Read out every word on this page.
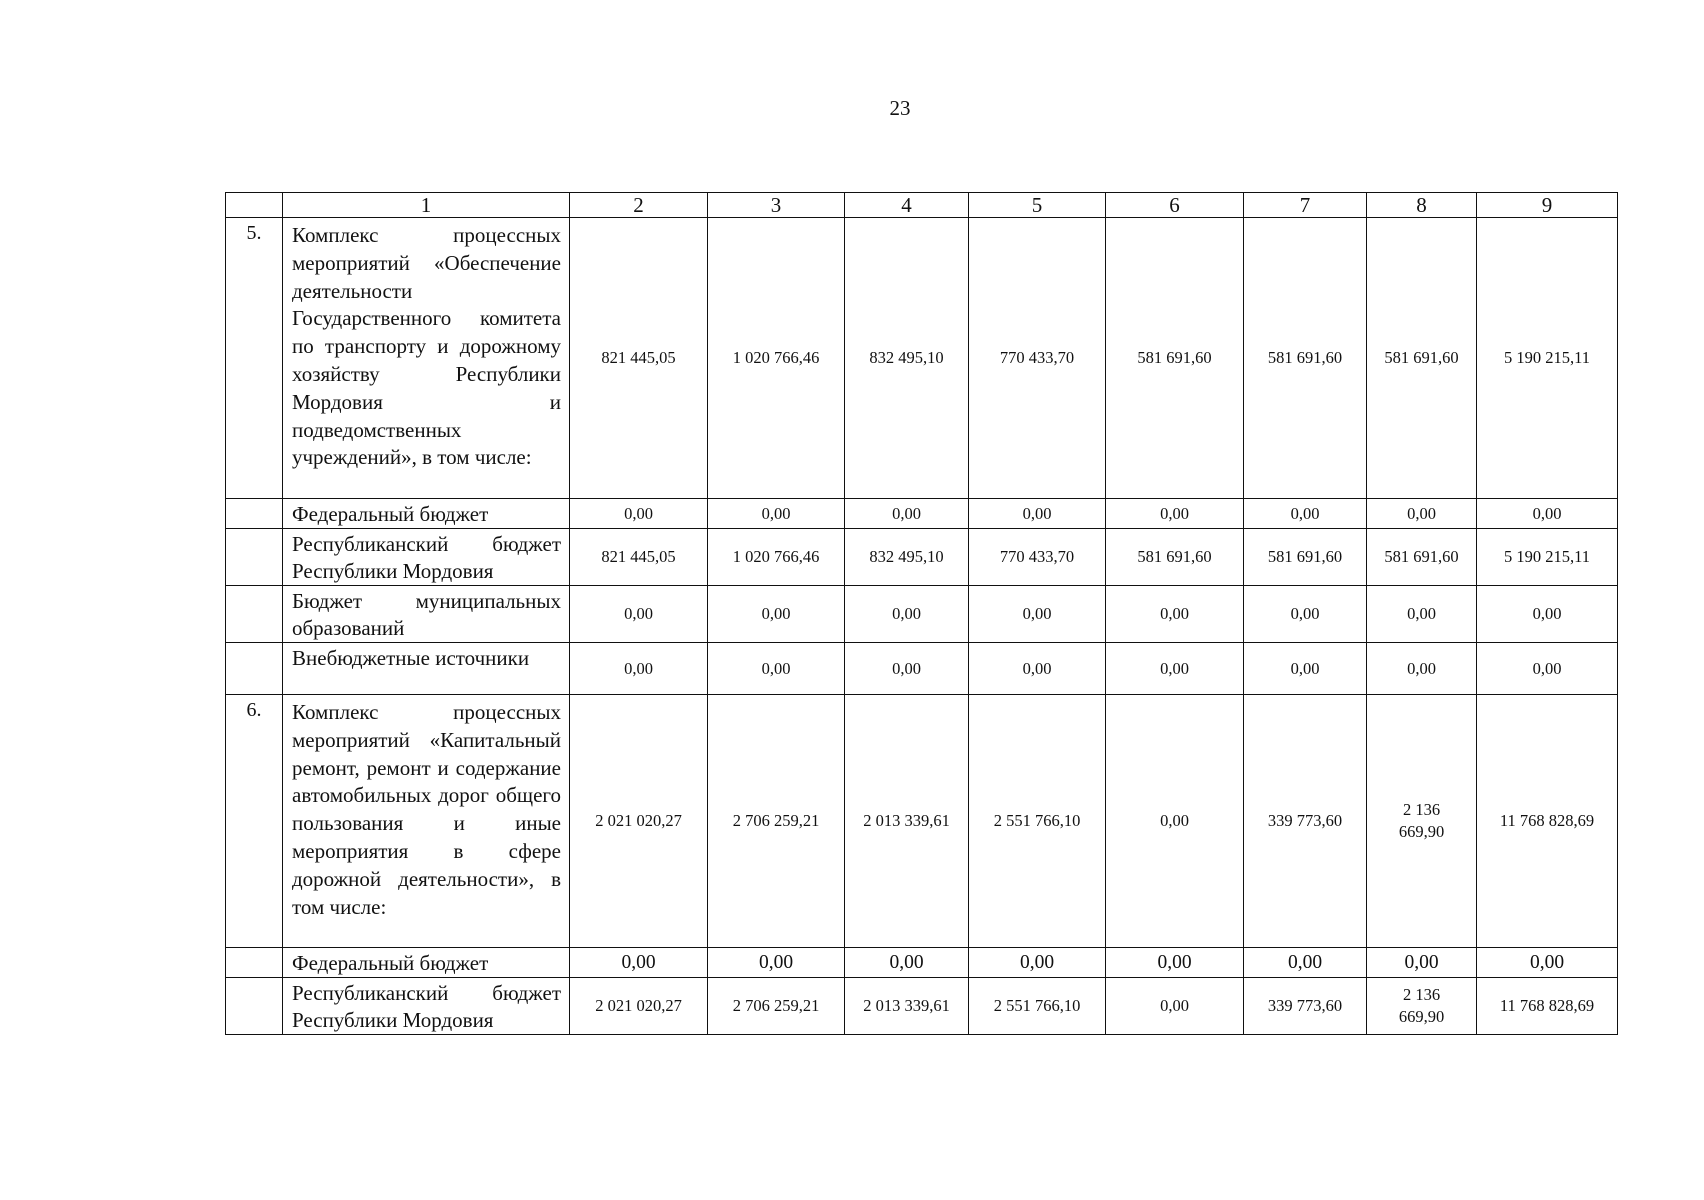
23
	1	2	3	4	5	6	7	8	9
5.	Комплекс процессных мероприятий «Обеспечение деятельности Государственного комитета по транспорту и дорожному хозяйству Республики Мордовия и подведомственных учреждений», в том числе:	821 445,05	1 020 766,46	832 495,10	770 433,70	581 691,60	581 691,60	581 691,60	5 190 215,11
	Федеральный бюджет	0,00	0,00	0,00	0,00	0,00	0,00	0,00	0,00
	Республиканский бюджет Республики Мордовия	821 445,05	1 020 766,46	832 495,10	770 433,70	581 691,60	581 691,60	581 691,60	5 190 215,11
	Бюджет муниципальных образований	0,00	0,00	0,00	0,00	0,00	0,00	0,00	0,00
	Внебюджетные источники	0,00	0,00	0,00	0,00	0,00	0,00	0,00	0,00
6.	Комплекс процессных мероприятий «Капитальный ремонт, ремонт и содержание автомобильных дорог общего пользования и иные мероприятия в сфере дорожной деятельности», в том числе:	2 021 020,27	2 706 259,21	2 013 339,61	2 551 766,10	0,00	339 773,60	2 136 669,90	11 768 828,69
	Федеральный бюджет	0,00	0,00	0,00	0,00	0,00	0,00	0,00	0,00
	Республиканский бюджет Республики Мордовия	2 021 020,27	2 706 259,21	2 013 339,61	2 551 766,10	0,00	339 773,60	2 136 669,90	11 768 828,69
